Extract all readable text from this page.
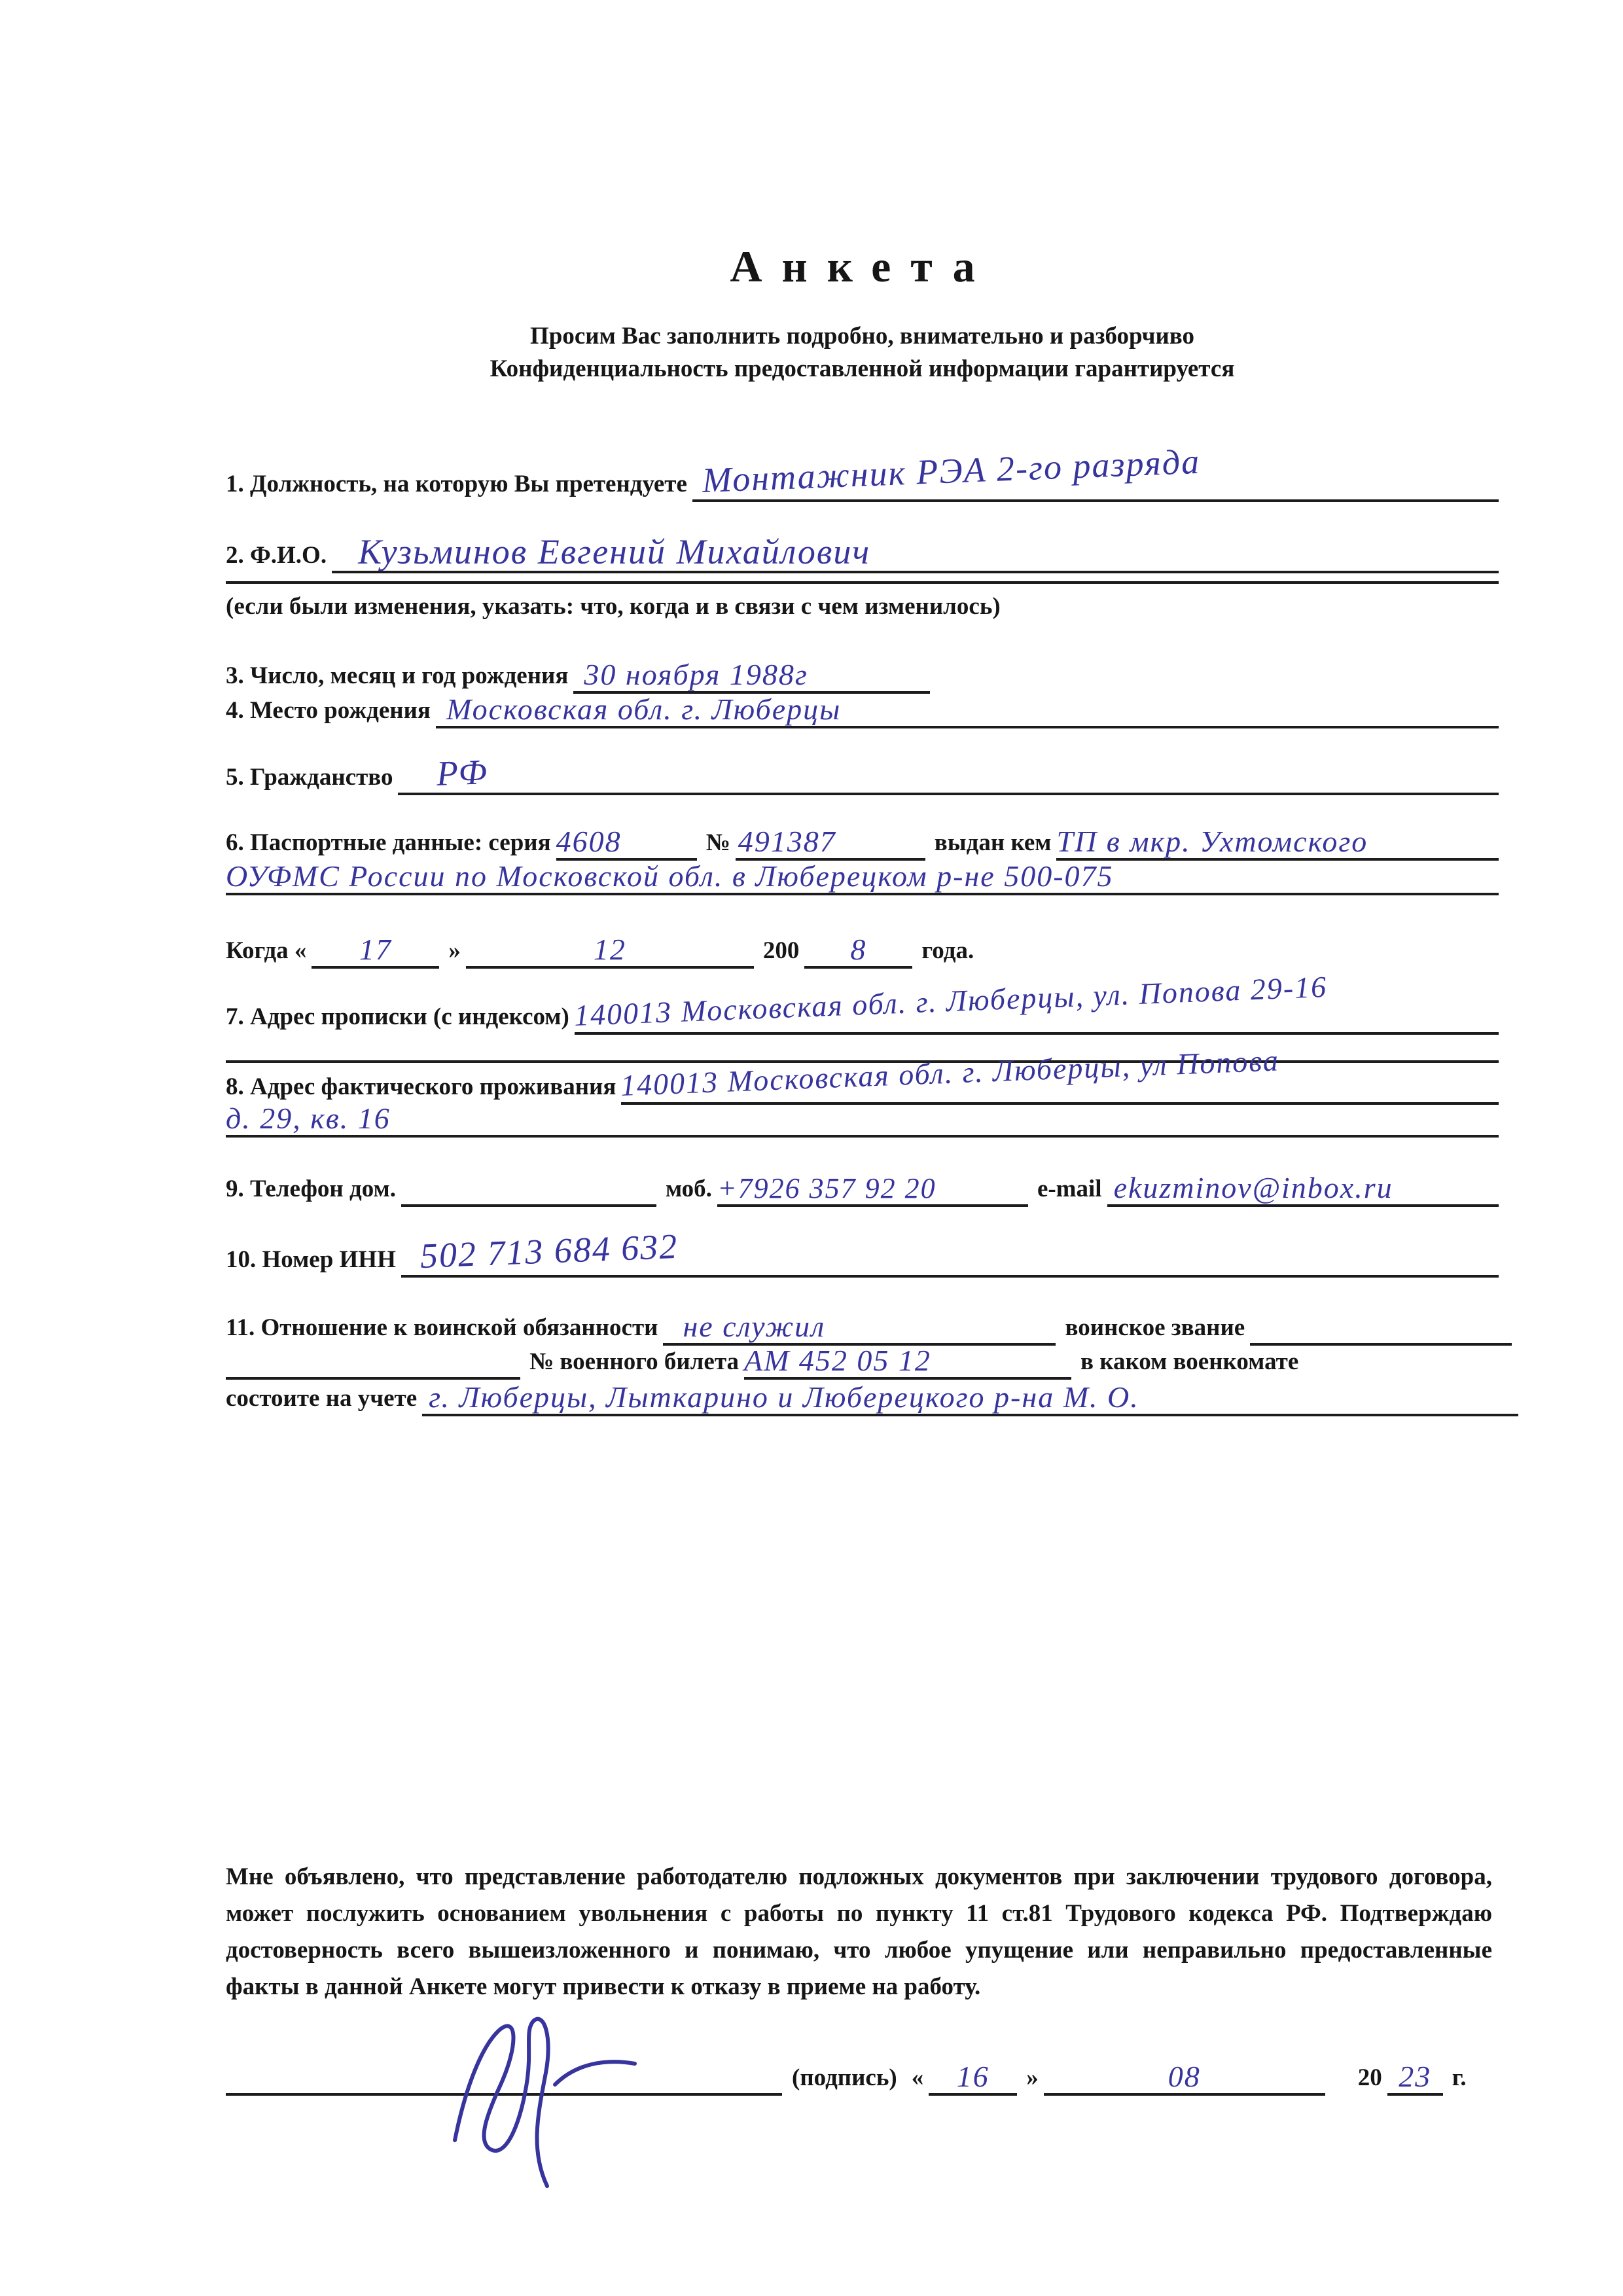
Анкета
Просим Вас заполнить подробно, внимательно и разборчиво
Конфиденциальность предоставленной информации гарантируется
1. Должность, на которую Вы претендуете Монтажник РЭА 2-го разряда
2. Ф.И.О. Кузьминов Евгений Михайлович
(если были изменения, указать: что, когда и в связи с чем изменилось)
3. Число, месяц и год рождения 30 ноября 1988г
4. Место рождения Московская обл. г. Люберцы
5. Гражданство РФ
6. Паспортные данные: серия 4608	№ 491387	выдан кем ТП в мкр. Ухтомского
ОУФМС России по Московской обл. в Люберецком р-не 500-075
Когда « 17	»	12	200 8	года.
7. Адрес прописки (с индексом) 140013 Московская обл. г. Люберцы, ул. Попова 29-16
8. Адрес фактического проживания 140013 Московская обл. г. Люберцы, ул Попова
д. 29, кв. 16
9. Телефон дом.	моб. +7926 357 92 20	e-mail ekuzminov@inbox.ru
10. Номер ИНН 502 713 684 632
11. Отношение к воинской обязанности не служил	воинское звание
№ военного билета АМ 452 05 12	в каком военкомате
состоите на учете г. Люберцы, Лыткарино и Люберецкого р-на М. О.
Мне объявлено, что представление работодателю подложных документов при заключении трудового договора, может послужить основанием увольнения с работы по пункту 11 ст.81 Трудового кодекса РФ. Подтверждаю достоверность всего вышеизложенного и понимаю, что любое упущение или неправильно предоставленные факты в данной Анкете могут привести к отказу в приеме на работу.
(подпись) « 16	»	08	20 23 г.
